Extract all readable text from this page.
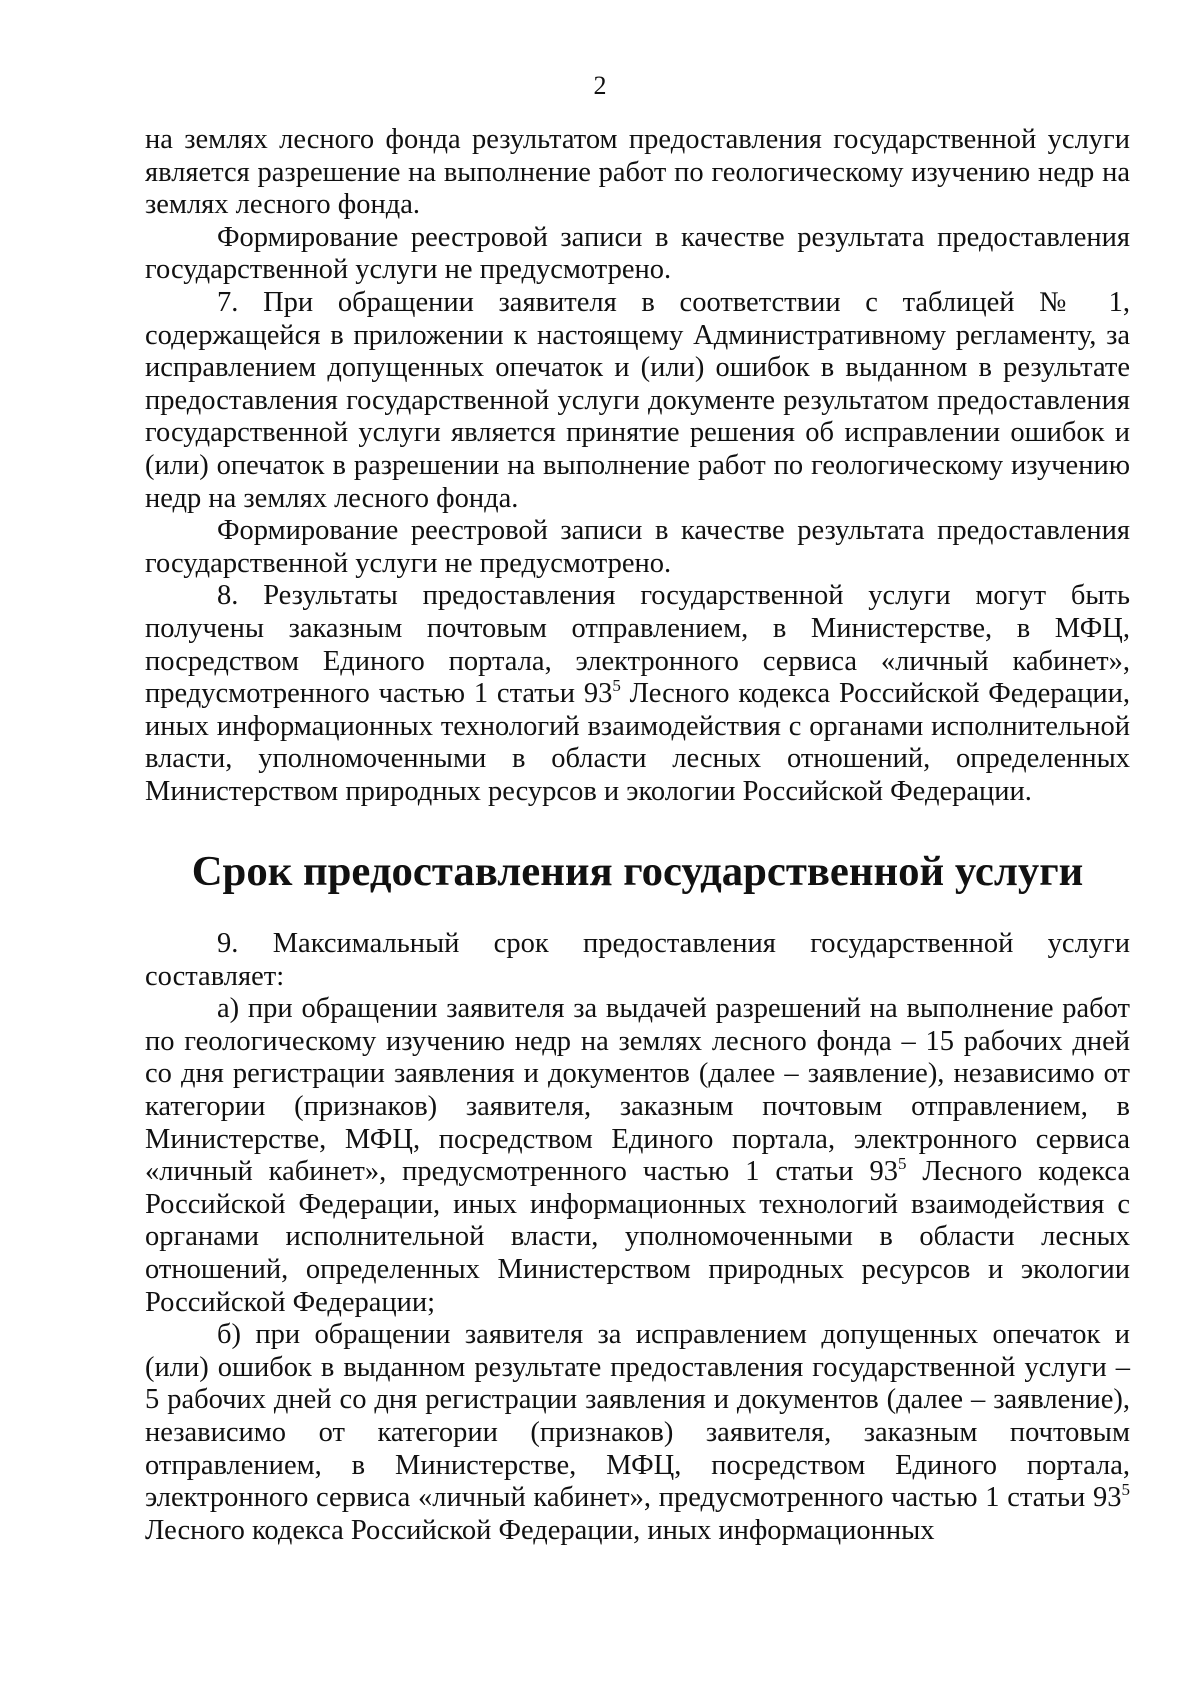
2

на землях лесного фонда результатом предоставления государственной услуги является разрешение на выполнение работ по геологическому изучению недр на землях лесного фонда.

Формирование реестровой записи в качестве результата предоставления государственной услуги не предусмотрено.

7. При обращении заявителя в соответствии с таблицей № 1, содержащейся в приложении к настоящему Административному регламенту, за исправлением допущенных опечаток и (или) ошибок в выданном в результате предоставления государственной услуги документе результатом предоставления государственной услуги является принятие решения об исправлении ошибок и (или) опечаток в разрешении на выполнение работ по геологическому изучению недр на землях лесного фонда.

Формирование реестровой записи в качестве результата предоставления государственной услуги не предусмотрено.

8. Результаты предоставления государственной услуги могут быть получены заказным почтовым отправлением, в Министерстве, в МФЦ, посредством Единого портала, электронного сервиса «личный кабинет», предусмотренного частью 1 статьи $93^5$ Лесного кодекса Российской Федерации, иных информационных технологий взаимодействия с органами исполнительной власти, уполномоченными в области лесных отношений, определенных Министерством природных ресурсов и экологии Российской Федерации.

Срок предоставления государственной услуги

9. Максимальный срок предоставления государственной услуги составляет:

а) при обращении заявителя за выдачей разрешений на выполнение работ по геологическому изучению недр на землях лесного фонда – 15 рабочих дней со дня регистрации заявления и документов (далее – заявление), независимо от категории (признаков) заявителя, заказным почтовым отправлением, в Министерстве, МФЦ, посредством Единого портала, электронного сервиса «личный кабинет», предусмотренного частью 1 статьи $93^5$ Лесного кодекса Российской Федерации, иных информационных технологий взаимодействия с органами исполнительной власти, уполномоченными в области лесных отношений, определенных Министерством природных ресурсов и экологии Российской Федерации;

б) при обращении заявителя за исправлением допущенных опечаток и (или) ошибок в выданном результате предоставления государственной услуги – 5 рабочих дней со дня регистрации заявления и документов (далее – заявление), независимо от категории (признаков) заявителя, заказным почтовым отправлением, в Министерстве, МФЦ, посредством Единого портала, электронного сервиса «личный кабинет», предусмотренного частью 1 статьи $93^5$ Лесного кодекса Российской Федерации, иных информационных
